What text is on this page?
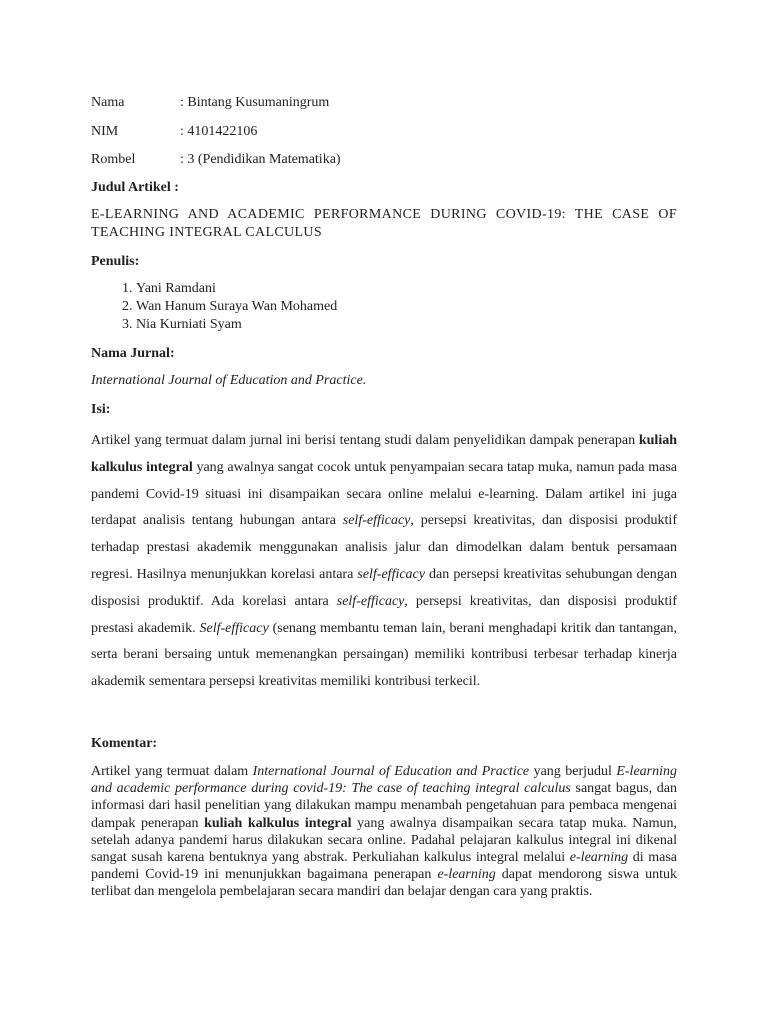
Nama	: Bintang Kusumaningrum
NIM	: 4101422106
Rombel	: 3 (Pendidikan Matematika)
Judul Artikel :
E-LEARNING AND ACADEMIC PERFORMANCE DURING COVID-19: THE CASE OF TEACHING INTEGRAL CALCULUS
Penulis:
1. Yani Ramdani
2. Wan Hanum Suraya Wan Mohamed
3. Nia Kurniati Syam
Nama Jurnal:
International Journal of Education and Practice.
Isi:

Artikel yang termuat dalam jurnal ini berisi tentang studi dalam penyelidikan dampak penerapan kuliah kalkulus integral yang awalnya sangat cocok untuk penyampaian secara tatap muka, namun pada masa pandemi Covid-19 situasi ini disampaikan secara online melalui e-learning. Dalam artikel ini juga terdapat analisis tentang hubungan antara self-efficacy, persepsi kreativitas, dan disposisi produktif terhadap prestasi akademik menggunakan analisis jalur dan dimodelkan dalam bentuk persamaan regresi. Hasilnya menunjukkan korelasi antara self-efficacy dan persepsi kreativitas sehubungan dengan disposisi produktif. Ada korelasi antara self-efficacy, persepsi kreativitas, dan disposisi produktif prestasi akademik. Self-efficacy (senang membantu teman lain, berani menghadapi kritik dan tantangan, serta berani bersaing untuk memenangkan persaingan) memiliki kontribusi terbesar terhadap kinerja akademik sementara persepsi kreativitas memiliki kontribusi terkecil.

Komentar:

Artikel yang termuat dalam International Journal of Education and Practice yang berjudul E-learning and academic performance during covid-19: The case of teaching integral calculus sangat bagus, dan informasi dari hasil penelitian yang dilakukan mampu menambah pengetahuan para pembaca mengenai dampak penerapan kuliah kalkulus integral yang awalnya disampaikan secara tatap muka. Namun, setelah adanya pandemi harus dilakukan secara online. Padahal pelajaran kalkulus integral ini dikenal sangat susah karena bentuknya yang abstrak. Perkuliahan kalkulus integral melalui e-learning di masa pandemi Covid-19 ini menunjukkan bagaimana penerapan e-learning dapat mendorong siswa untuk terlibat dan mengelola pembelajaran secara mandiri dan belajar dengan cara yang praktis.
